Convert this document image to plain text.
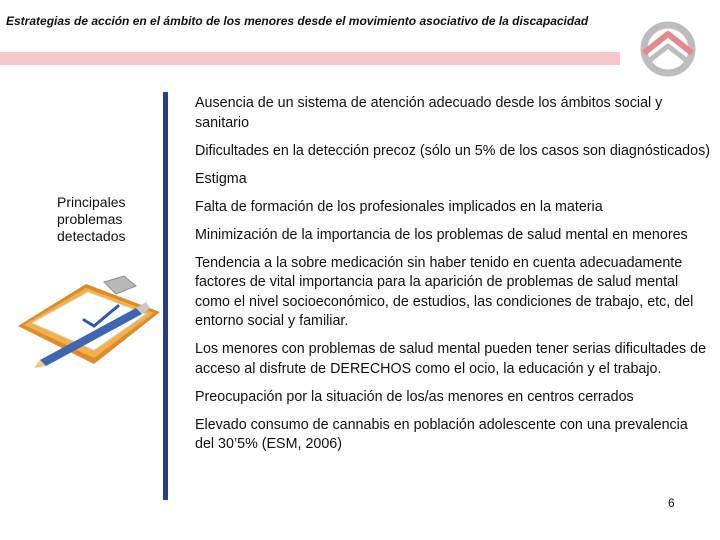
Estrategias de acción en el ámbito de los menores desde el movimiento asociativo de la discapacidad
Principales problemas detectados
Ausencia de un sistema de atención adecuado desde los ámbitos social y sanitario
Dificultades en la detección precoz (sólo un 5% de los casos son diagnósticados)
Estigma
Falta de formación de los profesionales implicados en la materia
Minimización de la importancia de los problemas de salud mental en menores
Tendencia a la sobre medicación sin haber tenido en cuenta adecuadamente factores de vital importancia para la aparición de problemas de salud mental como el nivel socioeconómico, de estudios, las condiciones de trabajo, etc, del entorno social y familiar.
Los menores con problemas de salud mental pueden tener serias dificultades de acceso al disfrute de DERECHOS como el ocio, la educación y el trabajo.
Preocupación por la situación de los/as menores en centros cerrados
Elevado consumo de cannabis en población adolescente con una prevalencia del 30’5% (ESM, 2006)
6
